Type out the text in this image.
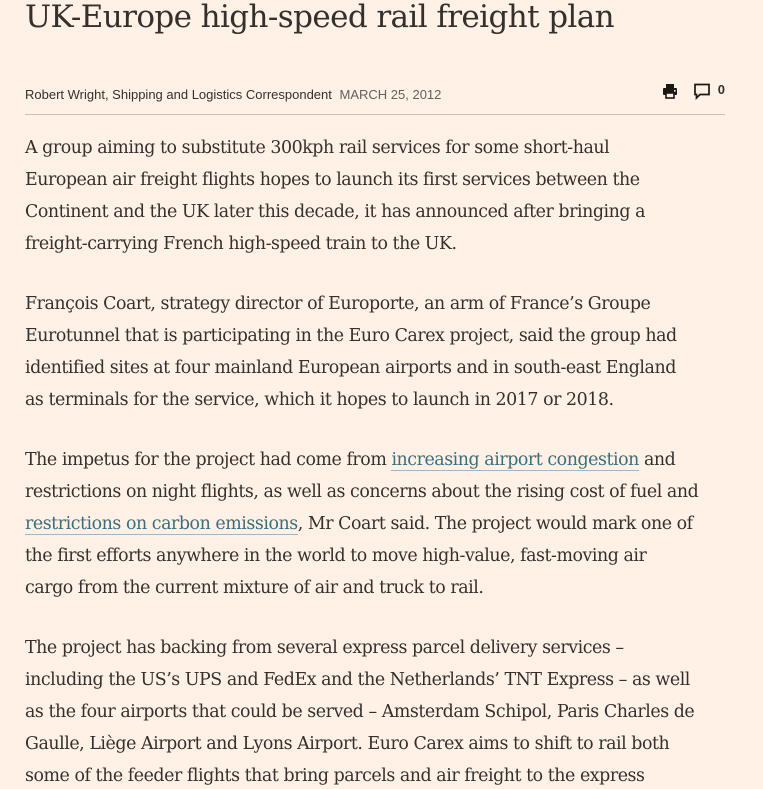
UK-Europe high-speed rail freight plan
Robert Wright, Shipping and Logistics Correspondent MARCH 25, 2012	0

A group aiming to substitute 300kph rail services for some short-haul
European air freight flights hopes to launch its first services between the
Continent and the UK later this decade, it has announced after bringing a
freight-carrying French high-speed train to the UK.

François Coart, strategy director of Europorte, an arm of France’s Groupe
Eurotunnel that is participating in the Euro Carex project, said the group had
identified sites at four mainland European airports and in south-east England
as terminals for the service, which it hopes to launch in 2017 or 2018.

The impetus for the project had come from increasing airport congestion and
restrictions on night flights, as well as concerns about the rising cost of fuel and
restrictions on carbon emissions, Mr Coart said. The project would mark one of
the first efforts anywhere in the world to move high-value, fast-moving air
cargo from the current mixture of air and truck to rail.

The project has backing from several express parcel delivery services –
including the US’s UPS and FedEx and the Netherlands’ TNT Express – as well
as the four airports that could be served – Amsterdam Schipol, Paris Charles de
Gaulle, Liège Airport and Lyons Airport. Euro Carex aims to shift to rail both
some of the feeder flights that bring parcels and air freight to the express
